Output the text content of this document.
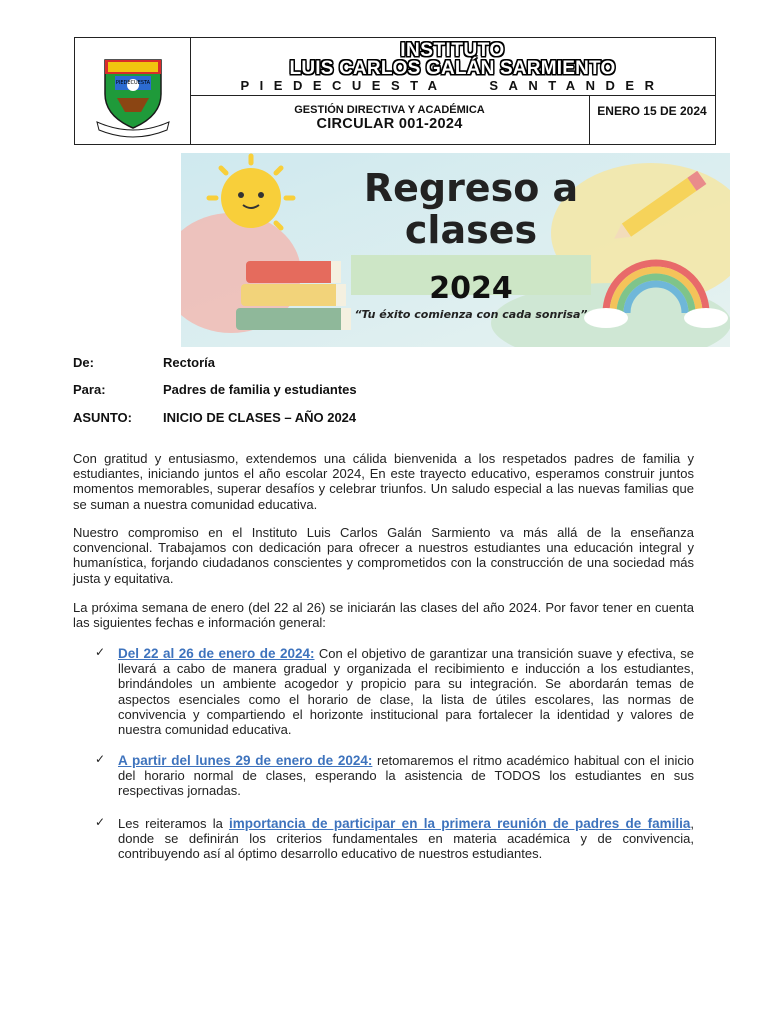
PIEDECUESTA
INSTITUTO
LUIS CARLOS GALÁN SARMIENTO
PIEDECUESTA   SANTANDER
GESTIÓN DIRECTIVA Y ACADÉMICA
CIRCULAR 001-2024
ENERO 15 DE 2024
Regreso a
clases
2024
“Tu éxito comienza con cada sonrisa”
De:	Rectoría
Para:	Padres de familia y estudiantes
ASUNTO: INICIO DE CLASES – AÑO 2024
Con gratitud y entusiasmo, extendemos una cálida bienvenida a los respetados padres de familia y estudiantes, iniciando juntos el año escolar 2024, En este trayecto educativo, esperamos construir juntos momentos memorables, superar desafíos y celebrar triunfos. Un saludo especial a las nuevas familias que se suman a nuestra comunidad educativa.
Nuestro compromiso en el Instituto Luis Carlos Galán Sarmiento va más allá de la enseñanza convencional. Trabajamos con dedicación para ofrecer a nuestros estudiantes una educación integral y humanística, forjando ciudadanos conscientes y comprometidos con la construcción de una sociedad más justa y equitativa.
La próxima semana de enero (del 22 al 26) se iniciarán las clases del año 2024. Por favor tener en cuenta las siguientes fechas e información general:
✓ Del 22 al 26 de enero de 2024: Con el objetivo de garantizar una transición suave y efectiva, se llevará a cabo de manera gradual y organizada el recibimiento e inducción a los estudiantes, brindándoles un ambiente acogedor y propicio para su integración. Se abordarán temas de aspectos esenciales como el horario de clase, la lista de útiles escolares, las normas de convivencia y compartiendo el horizonte institucional para fortalecer la identidad y valores de nuestra comunidad educativa.
✓ A partir del lunes 29 de enero de 2024: retomaremos el ritmo académico habitual con el inicio del horario normal de clases, esperando la asistencia de TODOS los estudiantes en sus respectivas jornadas.
✓ Les reiteramos la importancia de participar en la primera reunión de padres de familia, donde se definirán los criterios fundamentales en materia académica y de convivencia, contribuyendo así al óptimo desarrollo educativo de nuestros estudiantes.
